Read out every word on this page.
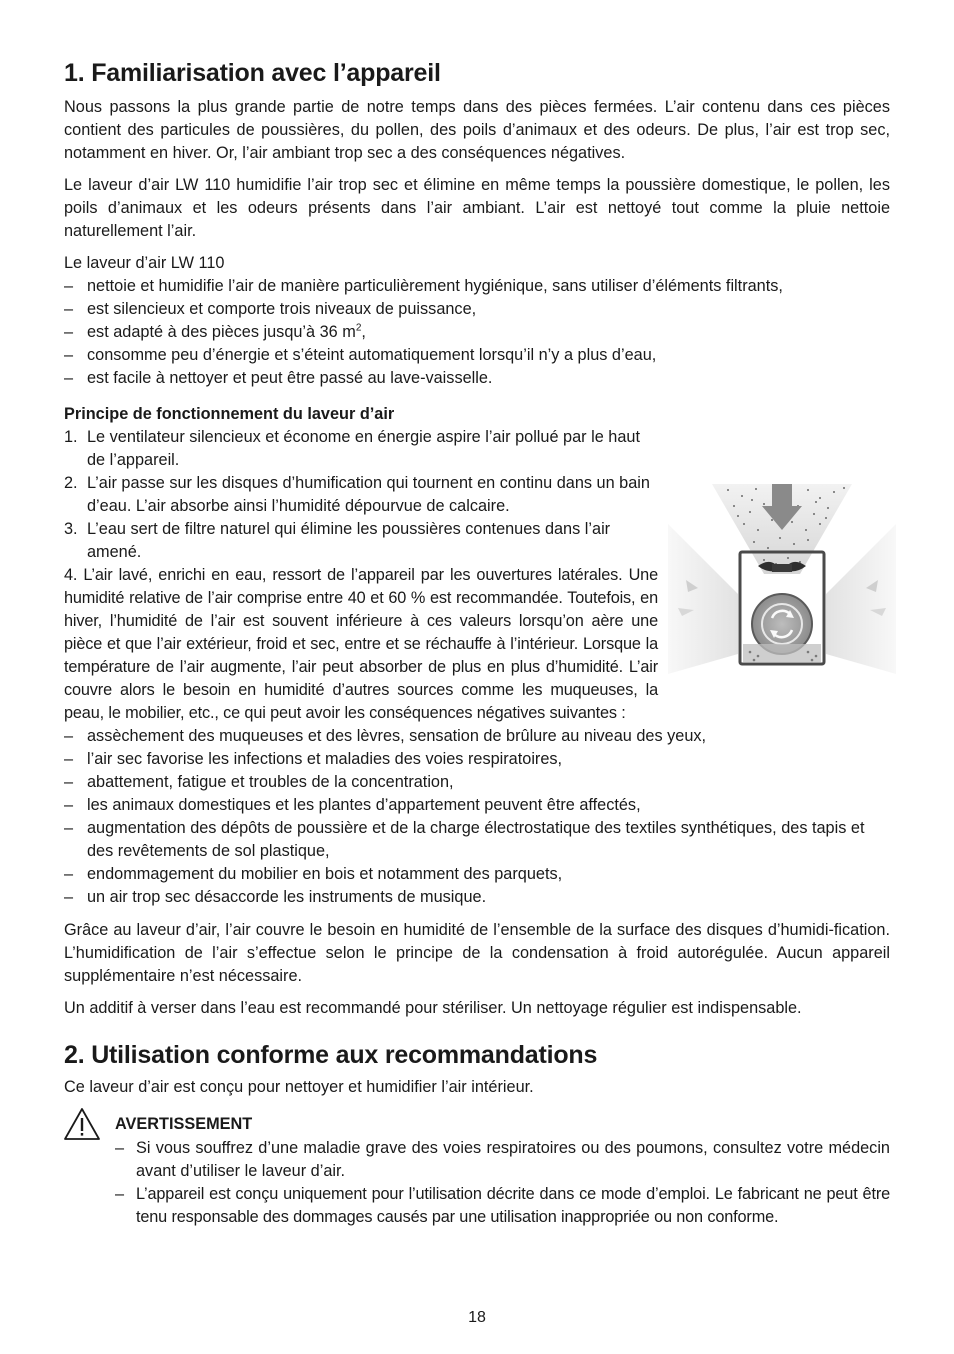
1. Familiarisation avec l’appareil

Nous passons la plus grande partie de notre temps dans des pièces fermées. L’air contenu dans ces pièces contient des particules de poussières, du pollen, des poils d’animaux et des odeurs. De plus, l’air est trop sec, notamment en hiver. Or, l’air ambiant trop sec a des conséquences négatives.

Le laveur d’air LW 110 humidifie l’air trop sec et élimine en même temps la poussière domestique, le pollen, les poils d’animaux et les odeurs présents dans l’air ambiant. L’air est nettoyé tout comme la pluie nettoie naturellement l’air.

Le laveur d’air LW 110
– nettoie et humidifie l’air de manière particulièrement hygiénique, sans utiliser d’éléments filtrants,
– est silencieux et comporte trois niveaux de puissance,
– est adapté à des pièces jusqu’à 36 $m^2$,
– consomme peu d’énergie et s’éteint automatiquement lorsqu’il n’y a plus d’eau,
– est facile à nettoyer et peut être passé au lave-vaisselle.
Principe de fonctionnement du laveur d’air
1. Le ventilateur silencieux et économe en énergie aspire l’air pollué par le haut de l’appareil.
2. L’air passe sur les disques d’humification qui tournent en continu dans un bain d’eau. L’air absorbe ainsi l’humidité dépourvue de calcaire.
3. L’eau sert de filtre naturel qui élimine les poussières contenues dans l’air amené.

4. L’air lavé, enrichi en eau, ressort de l’appareil par les ouvertures latérales. Une humidité relative de l’air comprise entre 40 et 60 % est recommandée. Toutefois, en hiver, l’humidité de l’air est souvent inférieure à ces valeurs lorsqu’on aère une pièce et que l’air extérieur, froid et sec, entre et se réchauffe à l’intérieur. Lorsque la température de l’air augmente, l’air peut absorber de plus en plus d’humidité. L’air couvre alors le besoin en humidité d’autres sources comme les muqueuses, la peau, le mobilier, etc., ce qui peut avoir les conséquences négatives suivantes :

– assèchement des muqueuses et des lèvres, sensation de brûlure au niveau des yeux,
– l’air sec favorise les infections et maladies des voies respiratoires,
– abattement, fatigue et troubles de la concentration,
– les animaux domestiques et les plantes d’appartement peuvent être affectés,
– augmentation des dépôts de poussière et de la charge électrostatique des textiles synthétiques, des tapis et des revêtements de sol plastique,
– endommagement du mobilier en bois et notamment des parquets,
– un air trop sec désaccorde les instruments de musique.

Grâce au laveur d’air, l’air couvre le besoin en humidité de l’ensemble de la surface des disques d’humidi-fication. L’humidification de l’air s’effectue selon le principe de la condensation à froid autorégulée. Aucun appareil supplémentaire n’est nécessaire.

Un additif à verser dans l’eau est recommandé pour stériliser. Un nettoyage régulier est indispensable.

2. Utilisation conforme aux recommandations

Ce laveur d’air est conçu pour nettoyer et humidifier l’air intérieur.

AVERTISSEMENT
– Si vous souffrez d’une maladie grave des voies respiratoires ou des poumons, consultez votre médecin avant d’utiliser le laveur d’air.
– L’appareil est conçu uniquement pour l’utilisation décrite dans ce mode d’emploi. Le fabricant ne peut être tenu responsable des dommages causés par une utilisation inappropriée ou non conforme.
18
